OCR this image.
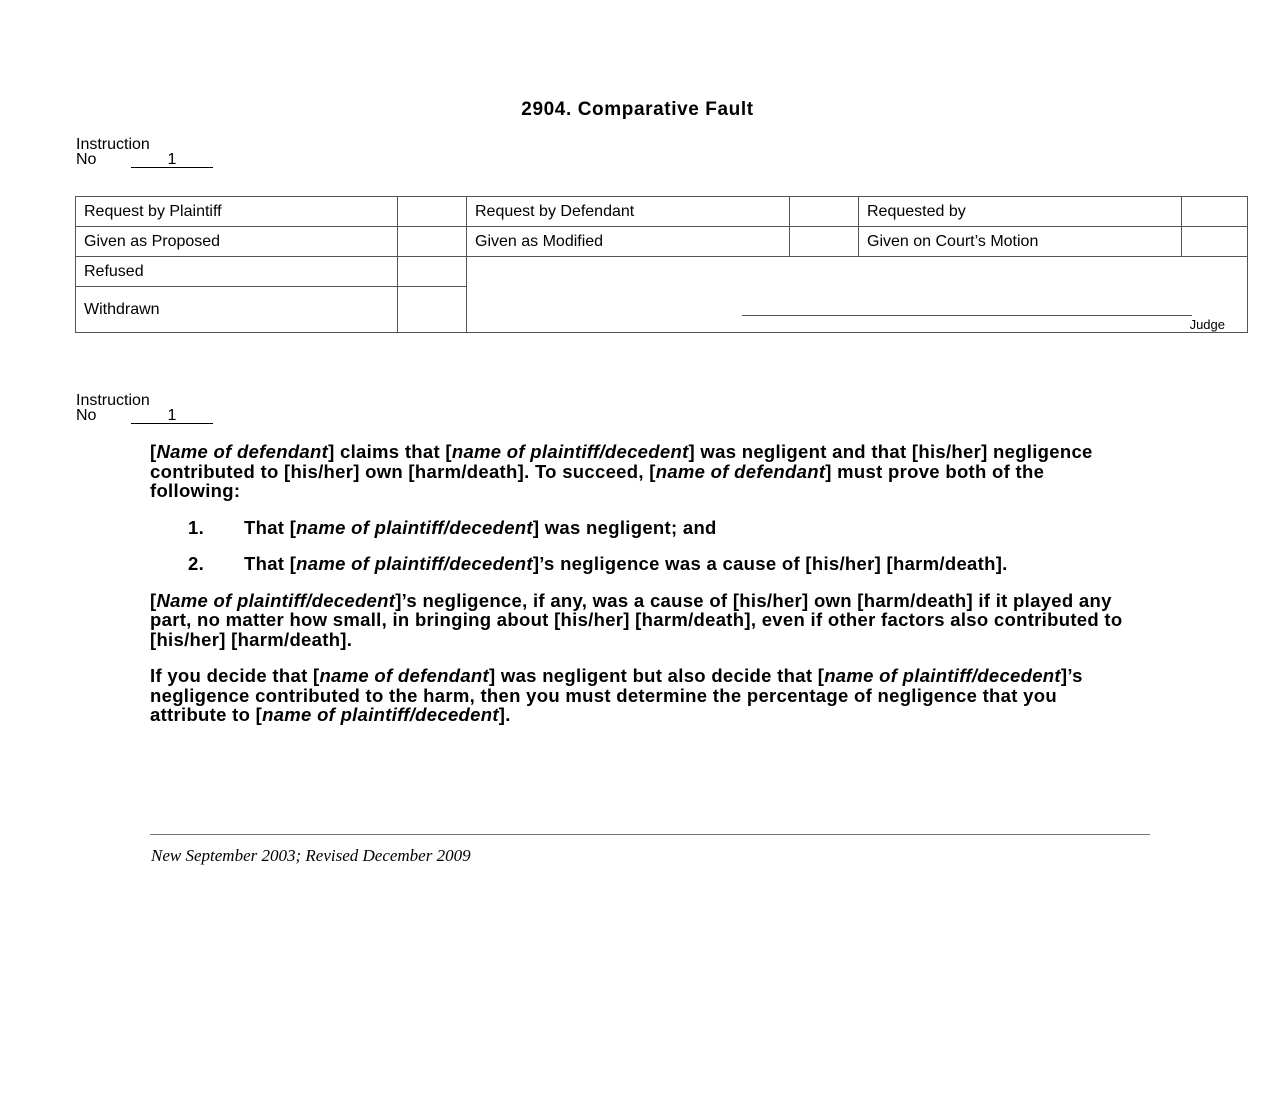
2904. Comparative Fault
Instruction
No	1
Request by Plaintiff		Request by Defendant		Requested by	
Given as Proposed		Given as Modified		Given on Court’s Motion	
Refused		Judge			

Withdrawn					
Instruction
No	1

[Name of defendant] claims that [name of plaintiff/decedent] was negligent and that [his/her] negligence contributed to [his/her] own [harm/death]. To succeed, [name of defendant] must prove both of the following:

1.	That [name of plaintiff/decedent] was negligent; and
2.	That [name of plaintiff/decedent]’s negligence was a cause of [his/her] [harm/death].

[Name of plaintiff/decedent]’s negligence, if any, was a cause of [his/her] own [harm/death] if it played any part, no matter how small, in bringing about [his/her] [harm/death], even if other factors also contributed to [his/her] [harm/death].

If you decide that [name of defendant] was negligent but also decide that [name of plaintiff/decedent]’s negligence contributed to the harm, then you must determine the percentage of negligence that you attribute to [name of plaintiff/decedent].

New September 2003; Revised December 2009
